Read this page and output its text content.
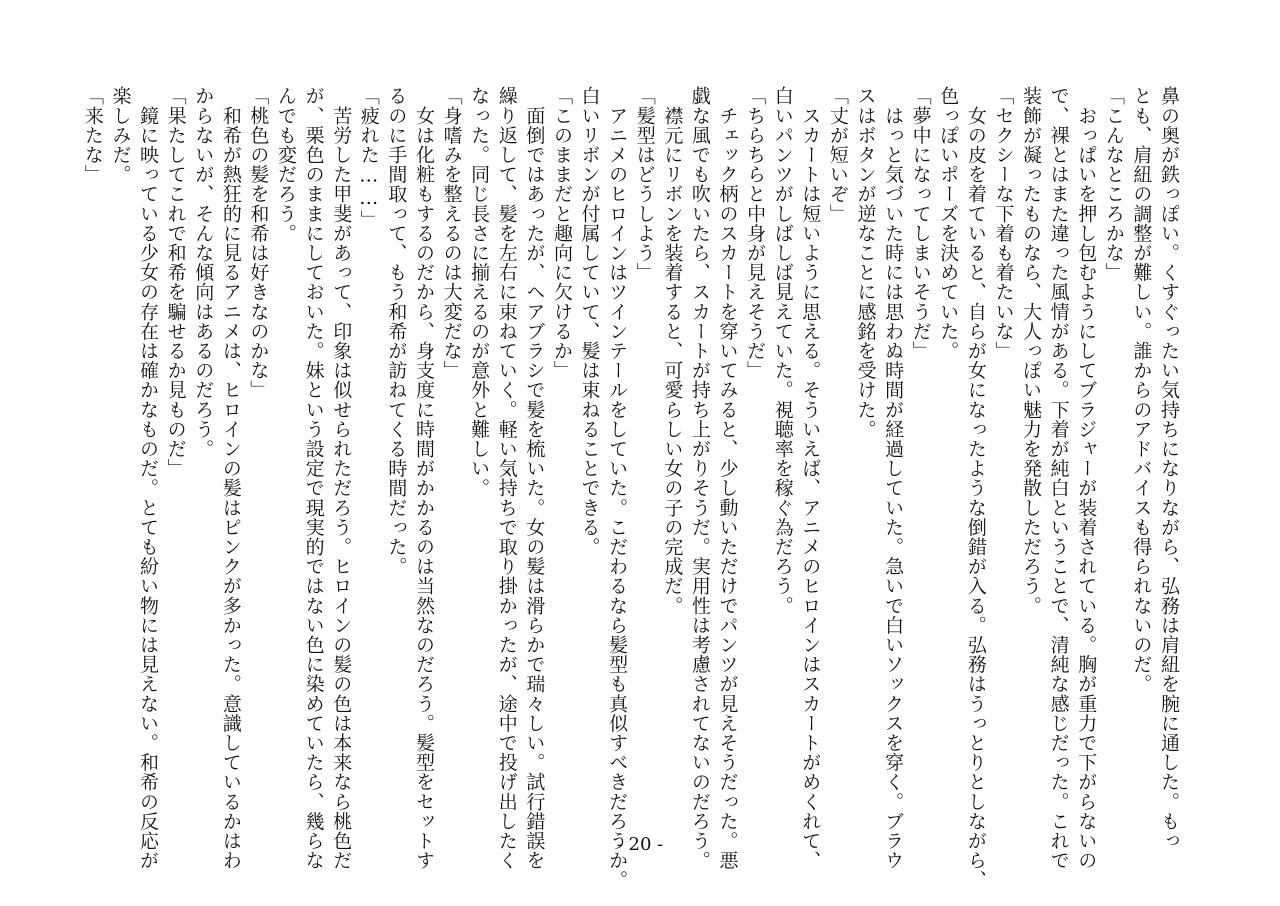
鼻の奥が鉄っぽい。くすぐったい気持ちになりながら、弘務は肩紐を腕に通した。もっ
とも、肩紐の調整が難しい。誰からのアドバイスも得られないのだ。
「こんなところかな」
　おっぱいを押し包むようにしてブラジャーが装着されている。胸が重力で下がらないの
で、裸とはまた違った風情がある。下着が純白ということで、清純な感じだった。これで
装飾が凝ったものなら、大人っぽい魅力を発散しただろう。
「セクシーな下着も着たいな」
　女の皮を着ていると、自らが女になったような倒錯が入る。弘務はうっとりとしながら、
色っぽいポーズを決めていた。
「夢中になってしまいそうだ」
　はっと気づいた時には思わぬ時間が経過していた。急いで白いソックスを穿く。ブラウ
スはボタンが逆なことに感銘を受けた。
「丈が短いぞ」
　スカートは短いように思える。そういえば、アニメのヒロインはスカートがめくれて、
白いパンツがしばしば見えていた。視聴率を稼ぐ為だろう。
「ちらちらと中身が見えそうだ」
　チェック柄のスカートを穿いてみると、少し動いただけでパンツが見えそうだった。悪
戯な風でも吹いたら、スカートが持ち上がりそうだ。実用性は考慮されてないのだろう。
　襟元にリボンを装着すると、可愛らしい女の子の完成だ。
「髪型はどうしよう」
　アニメのヒロインはツインテールをしていた。こだわるなら髪型も真似すべきだろうか。
白いリボンが付属していて、髪は束ねることできる。
「このままだと趣向に欠けるか」
　面倒ではあったが、ヘアブラシで髪を梳いた。女の髪は滑らかで瑞々しい。試行錯誤を
繰り返して、髪を左右に束ねていく。軽い気持ちで取り掛かったが、途中で投げ出したく
なった。同じ長さに揃えるのが意外と難しい。
「身嗜みを整えるのは大変だな」
　女は化粧もするのだから、身支度に時間がかかるのは当然なのだろう。髪型をセットす
るのに手間取って、もう和希が訪ねてくる時間だった。
「疲れた……」
　苦労した甲斐があって、印象は似せられただろう。ヒロインの髪の色は本来なら桃色だ
が、栗色のままにしておいた。妹という設定で現実的ではない色に染めていたら、幾らな
んでも変だろう。
「桃色の髪を和希は好きなのかな」
　和希が熱狂的に見るアニメは、ヒロインの髪はピンクが多かった。意識しているかはわ
からないが、そんな傾向はあるのだろう。
「果たしてこれで和希を騙せるか見ものだ」
　鏡に映っている少女の存在は確かなものだ。とても紛い物には見えない。和希の反応が
楽しみだ。
「来たな」
- 20 -
